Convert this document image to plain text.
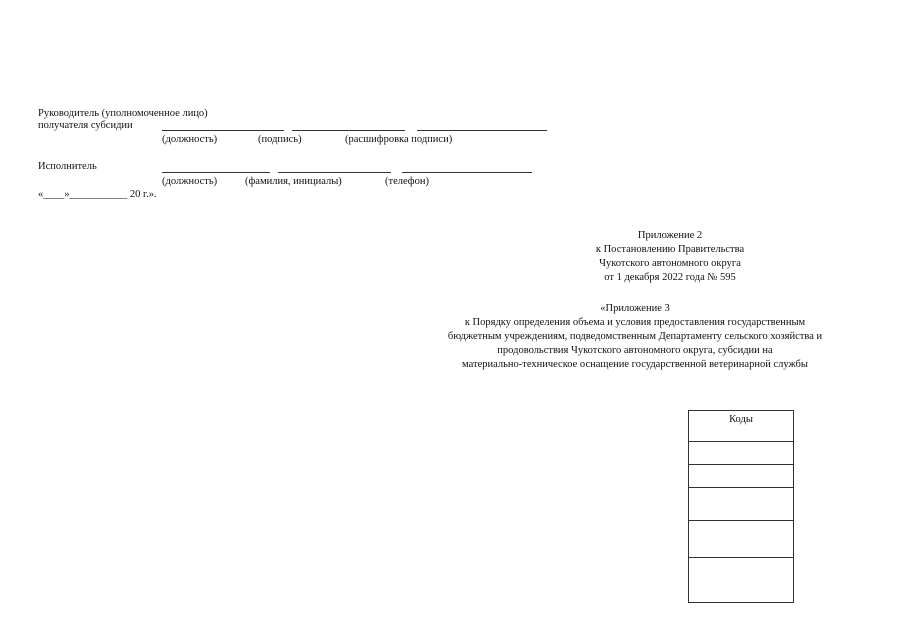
Руководитель (уполномоченное лицо)
получателя субсидии
(должность)	(подпись)	(расшифровка подписи)
Исполнитель
(должность)	(фамилия, инициалы)	(телефон)
«____»___________ 20 г.».
Приложение 2
к Постановлению Правительства
Чукотского автономного округа
от 1 декабря 2022 года № 595
«Приложение 3
к Порядку определения объема и условия предоставления государственным
бюджетным учреждениям, подведомственным Департаменту сельского хозяйства и
продовольствия Чукотского автономного округа, субсидии на
материально-техническое оснащение государственной ветеринарной службы
Коды
